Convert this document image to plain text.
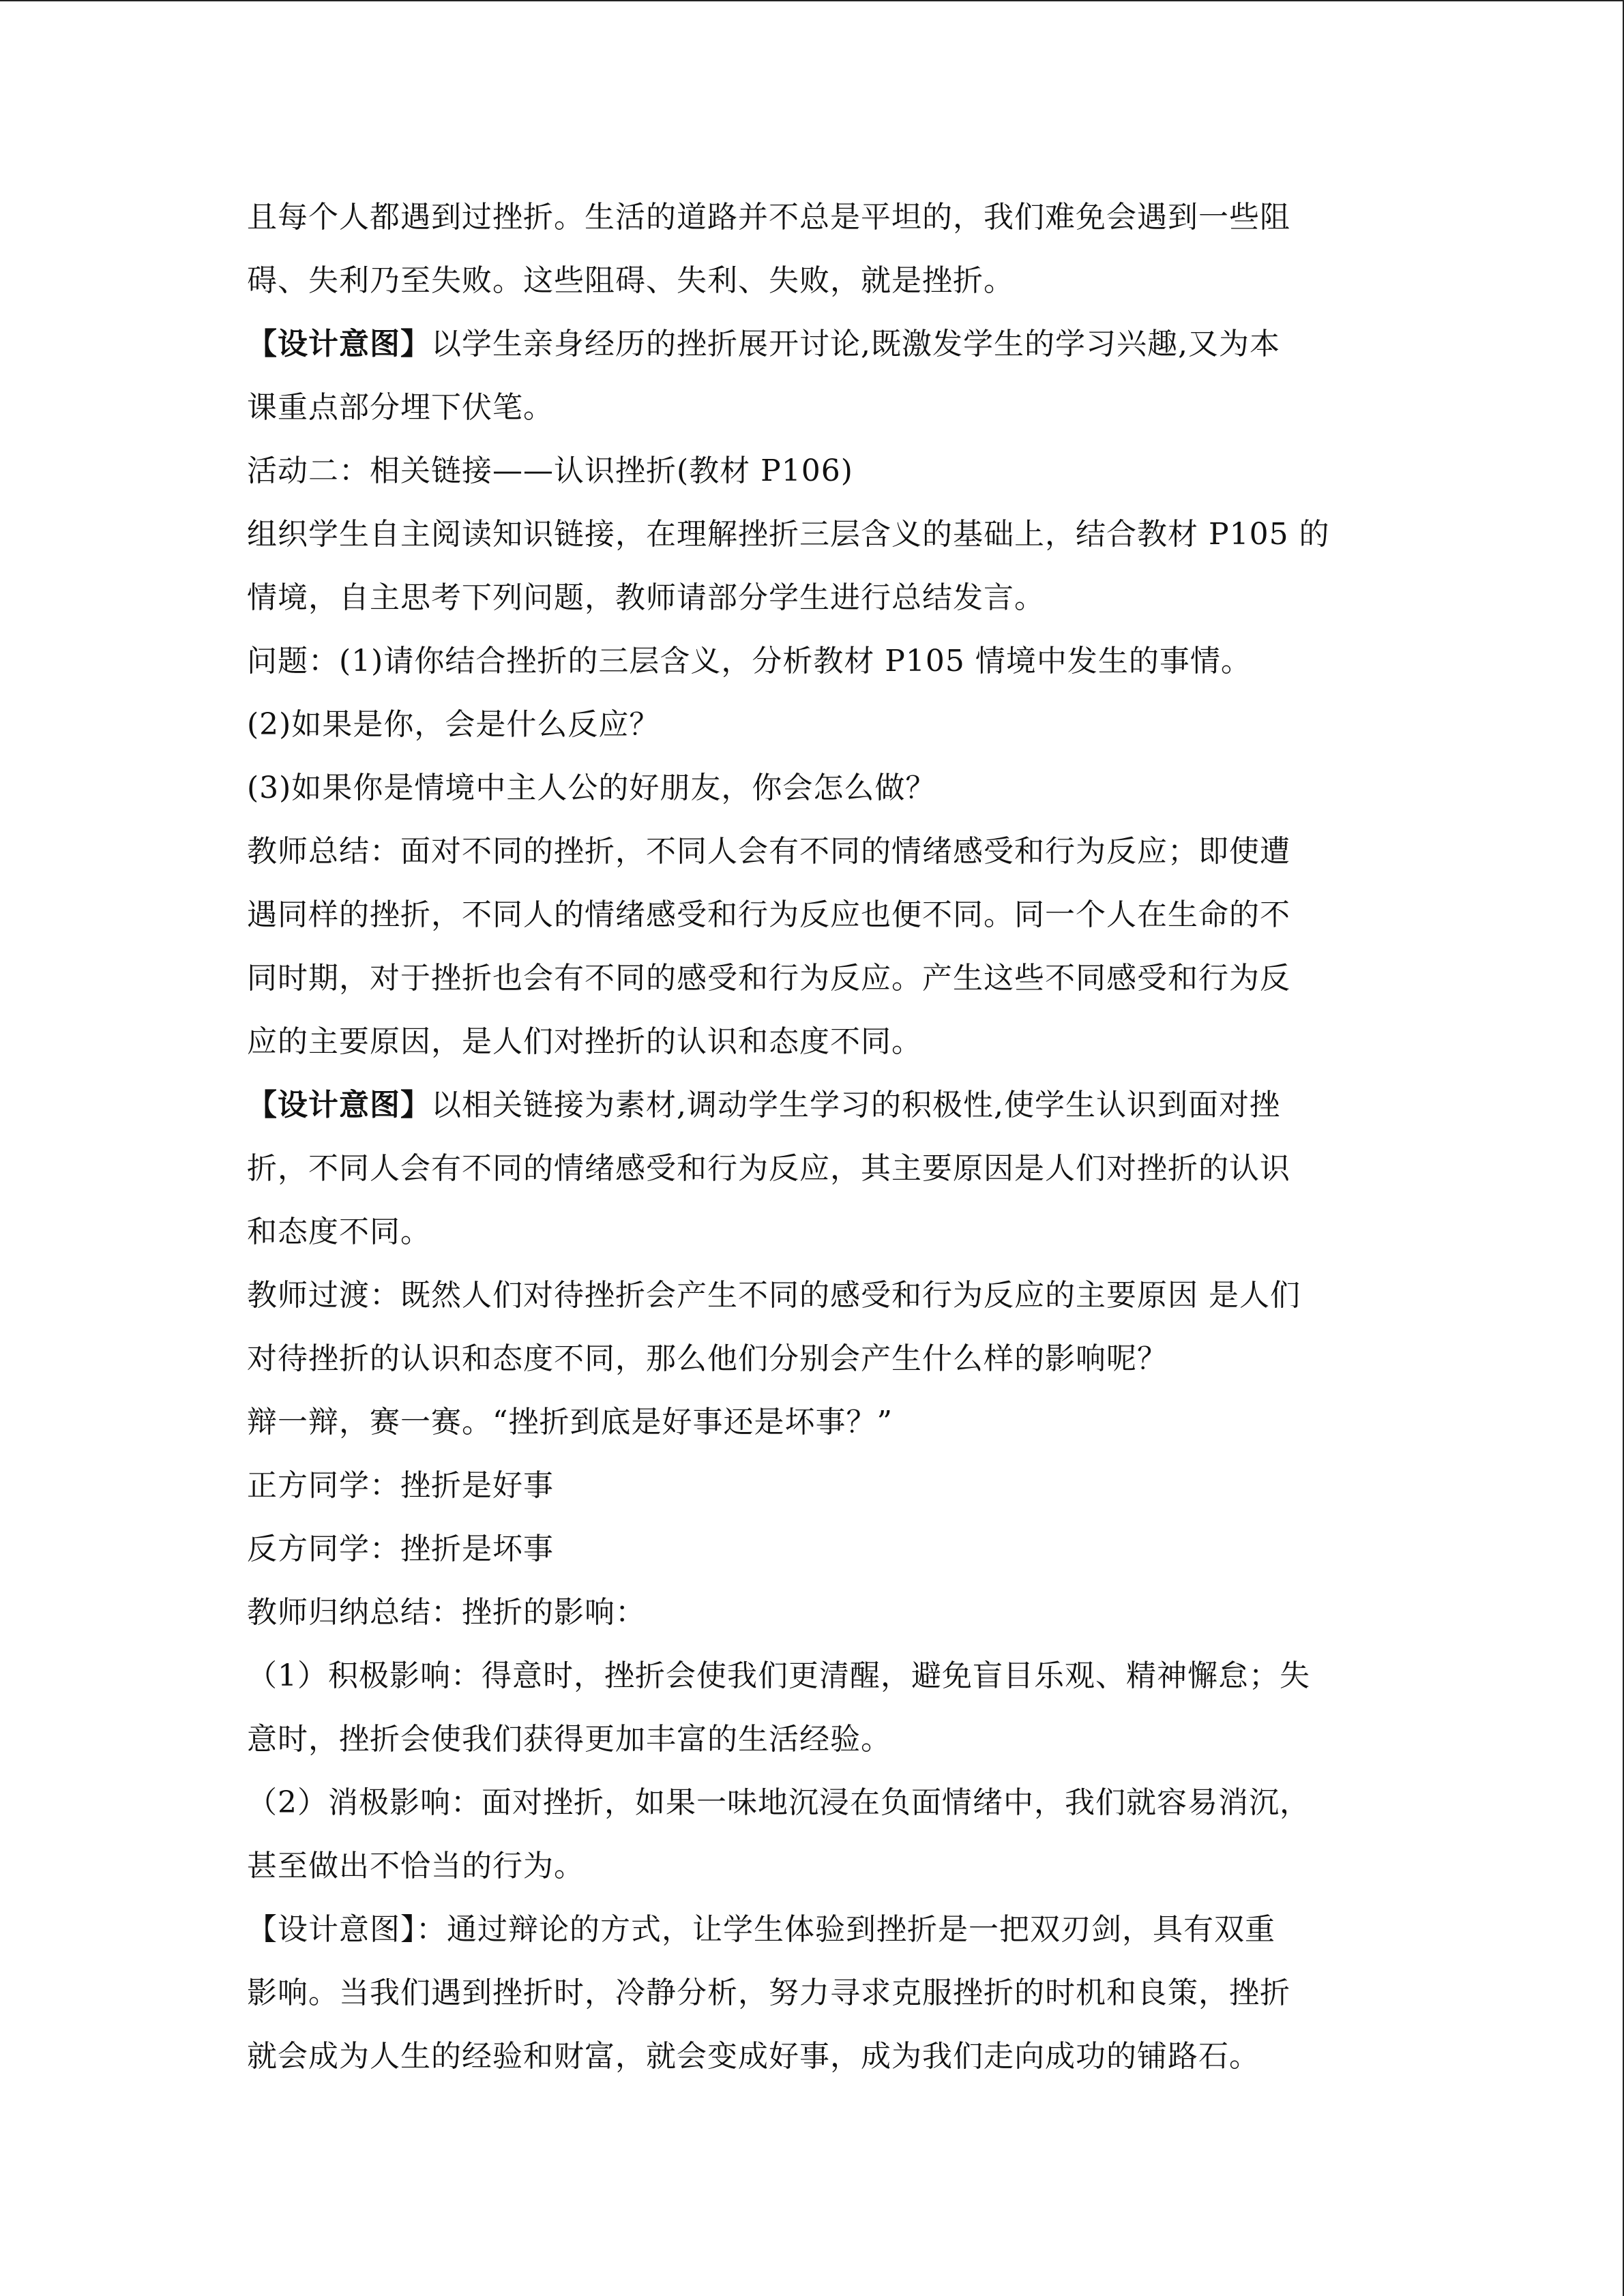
且每个人都遇到过挫折。生活的道路并不总是平坦的，我们难免会遇到一些阻
碍、失利乃至失败。这些阻碍、失利、失败，就是挫折。
【设计意图】以学生亲身经历的挫折展开讨论,既激发学生的学习兴趣,又为本
课重点部分埋下伏笔。
活动二：相关链接——认识挫折(教材 P106)
组织学生自主阅读知识链接，在理解挫折三层含义的基础上，结合教材 P105 的
情境，自主思考下列问题，教师请部分学生进行总结发言。
问题：(1)请你结合挫折的三层含义，分析教材 P105 情境中发生的事情。
(2)如果是你，会是什么反应？
(3)如果你是情境中主人公的好朋友，你会怎么做？
教师总结：面对不同的挫折，不同人会有不同的情绪感受和行为反应；即使遭
遇同样的挫折，不同人的情绪感受和行为反应也便不同。同一个人在生命的不
同时期，对于挫折也会有不同的感受和行为反应。产生这些不同感受和行为反
应的主要原因，是人们对挫折的认识和态度不同。
【设计意图】以相关链接为素材,调动学生学习的积极性,使学生认识到面对挫
折，不同人会有不同的情绪感受和行为反应，其主要原因是人们对挫折的认识
和态度不同。
教师过渡：既然人们对待挫折会产生不同的感受和行为反应的主要原因 是人们
对待挫折的认识和态度不同，那么他们分别会产生什么样的影响呢？
辩一辩，赛一赛。“挫折到底是好事还是坏事？”
正方同学：挫折是好事
反方同学：挫折是坏事
教师归纳总结：挫折的影响：
（1）积极影响：得意时，挫折会使我们更清醒，避免盲目乐观、精神懈怠；失
意时，挫折会使我们获得更加丰富的生活经验。
（2）消极影响：面对挫折，如果一味地沉浸在负面情绪中，我们就容易消沉，
甚至做出不恰当的行为。
【设计意图】：通过辩论的方式，让学生体验到挫折是一把双刃剑，具有双重
影响。当我们遇到挫折时，冷静分析，努力寻求克服挫折的时机和良策，挫折
就会成为人生的经验和财富，就会变成好事，成为我们走向成功的铺路石。
